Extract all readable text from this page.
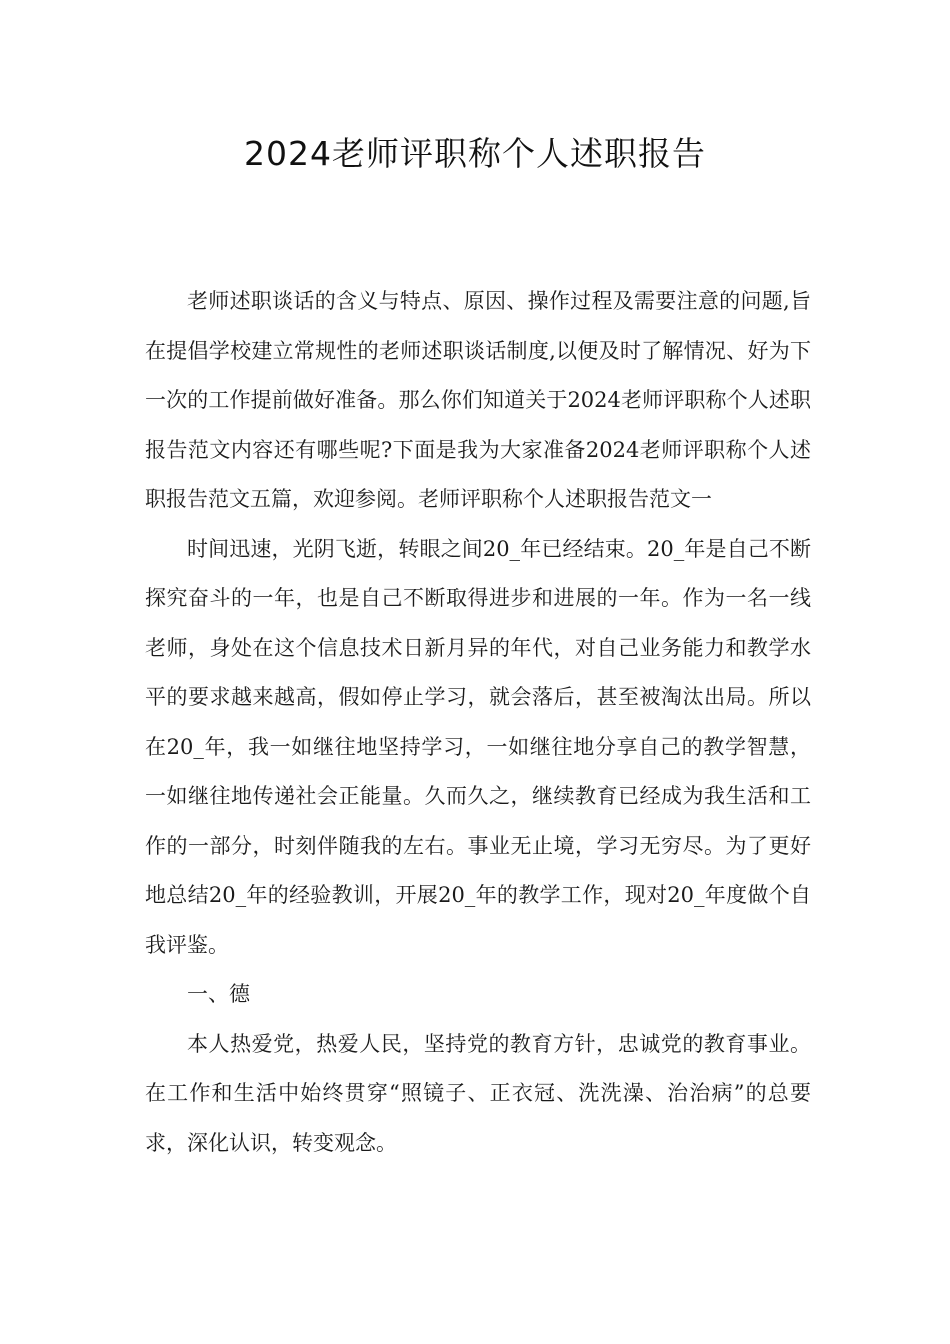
2024老师评职称个人述职报告

老师述职谈话的含义与特点、原因、操作过程及需要注意的问题,旨在提倡学校建立常规性的老师述职谈话制度,以便及时了解情况、好为下一次的工作提前做好准备。那么你们知道关于2024老师评职称个人述职报告范文内容还有哪些呢?下面是我为大家准备2024老师评职称个人述职报告范文五篇，欢迎参阅。老师评职称个人述职报告范文一

时间迅速，光阴飞逝，转眼之间20_年已经结束。20_年是自己不断探究奋斗的一年，也是自己不断取得进步和进展的一年。作为一名一线老师，身处在这个信息技术日新月异的年代，对自己业务能力和教学水平的要求越来越高，假如停止学习，就会落后，甚至被淘汰出局。所以在20_年，我一如继往地坚持学习，一如继往地分享自己的教学智慧，一如继往地传递社会正能量。久而久之，继续教育已经成为我生活和工作的一部分，时刻伴随我的左右。事业无止境，学习无穷尽。为了更好地总结20_年的经验教训，开展20_年的教学工作，现对20_年度做个自我评鉴。

一、德

本人热爱党，热爱人民，坚持党的教育方针，忠诚党的教育事业。在工作和生活中始终贯穿“照镜子、正衣冠、洗洗澡、治治病”的总要求，深化认识，转变观念。
